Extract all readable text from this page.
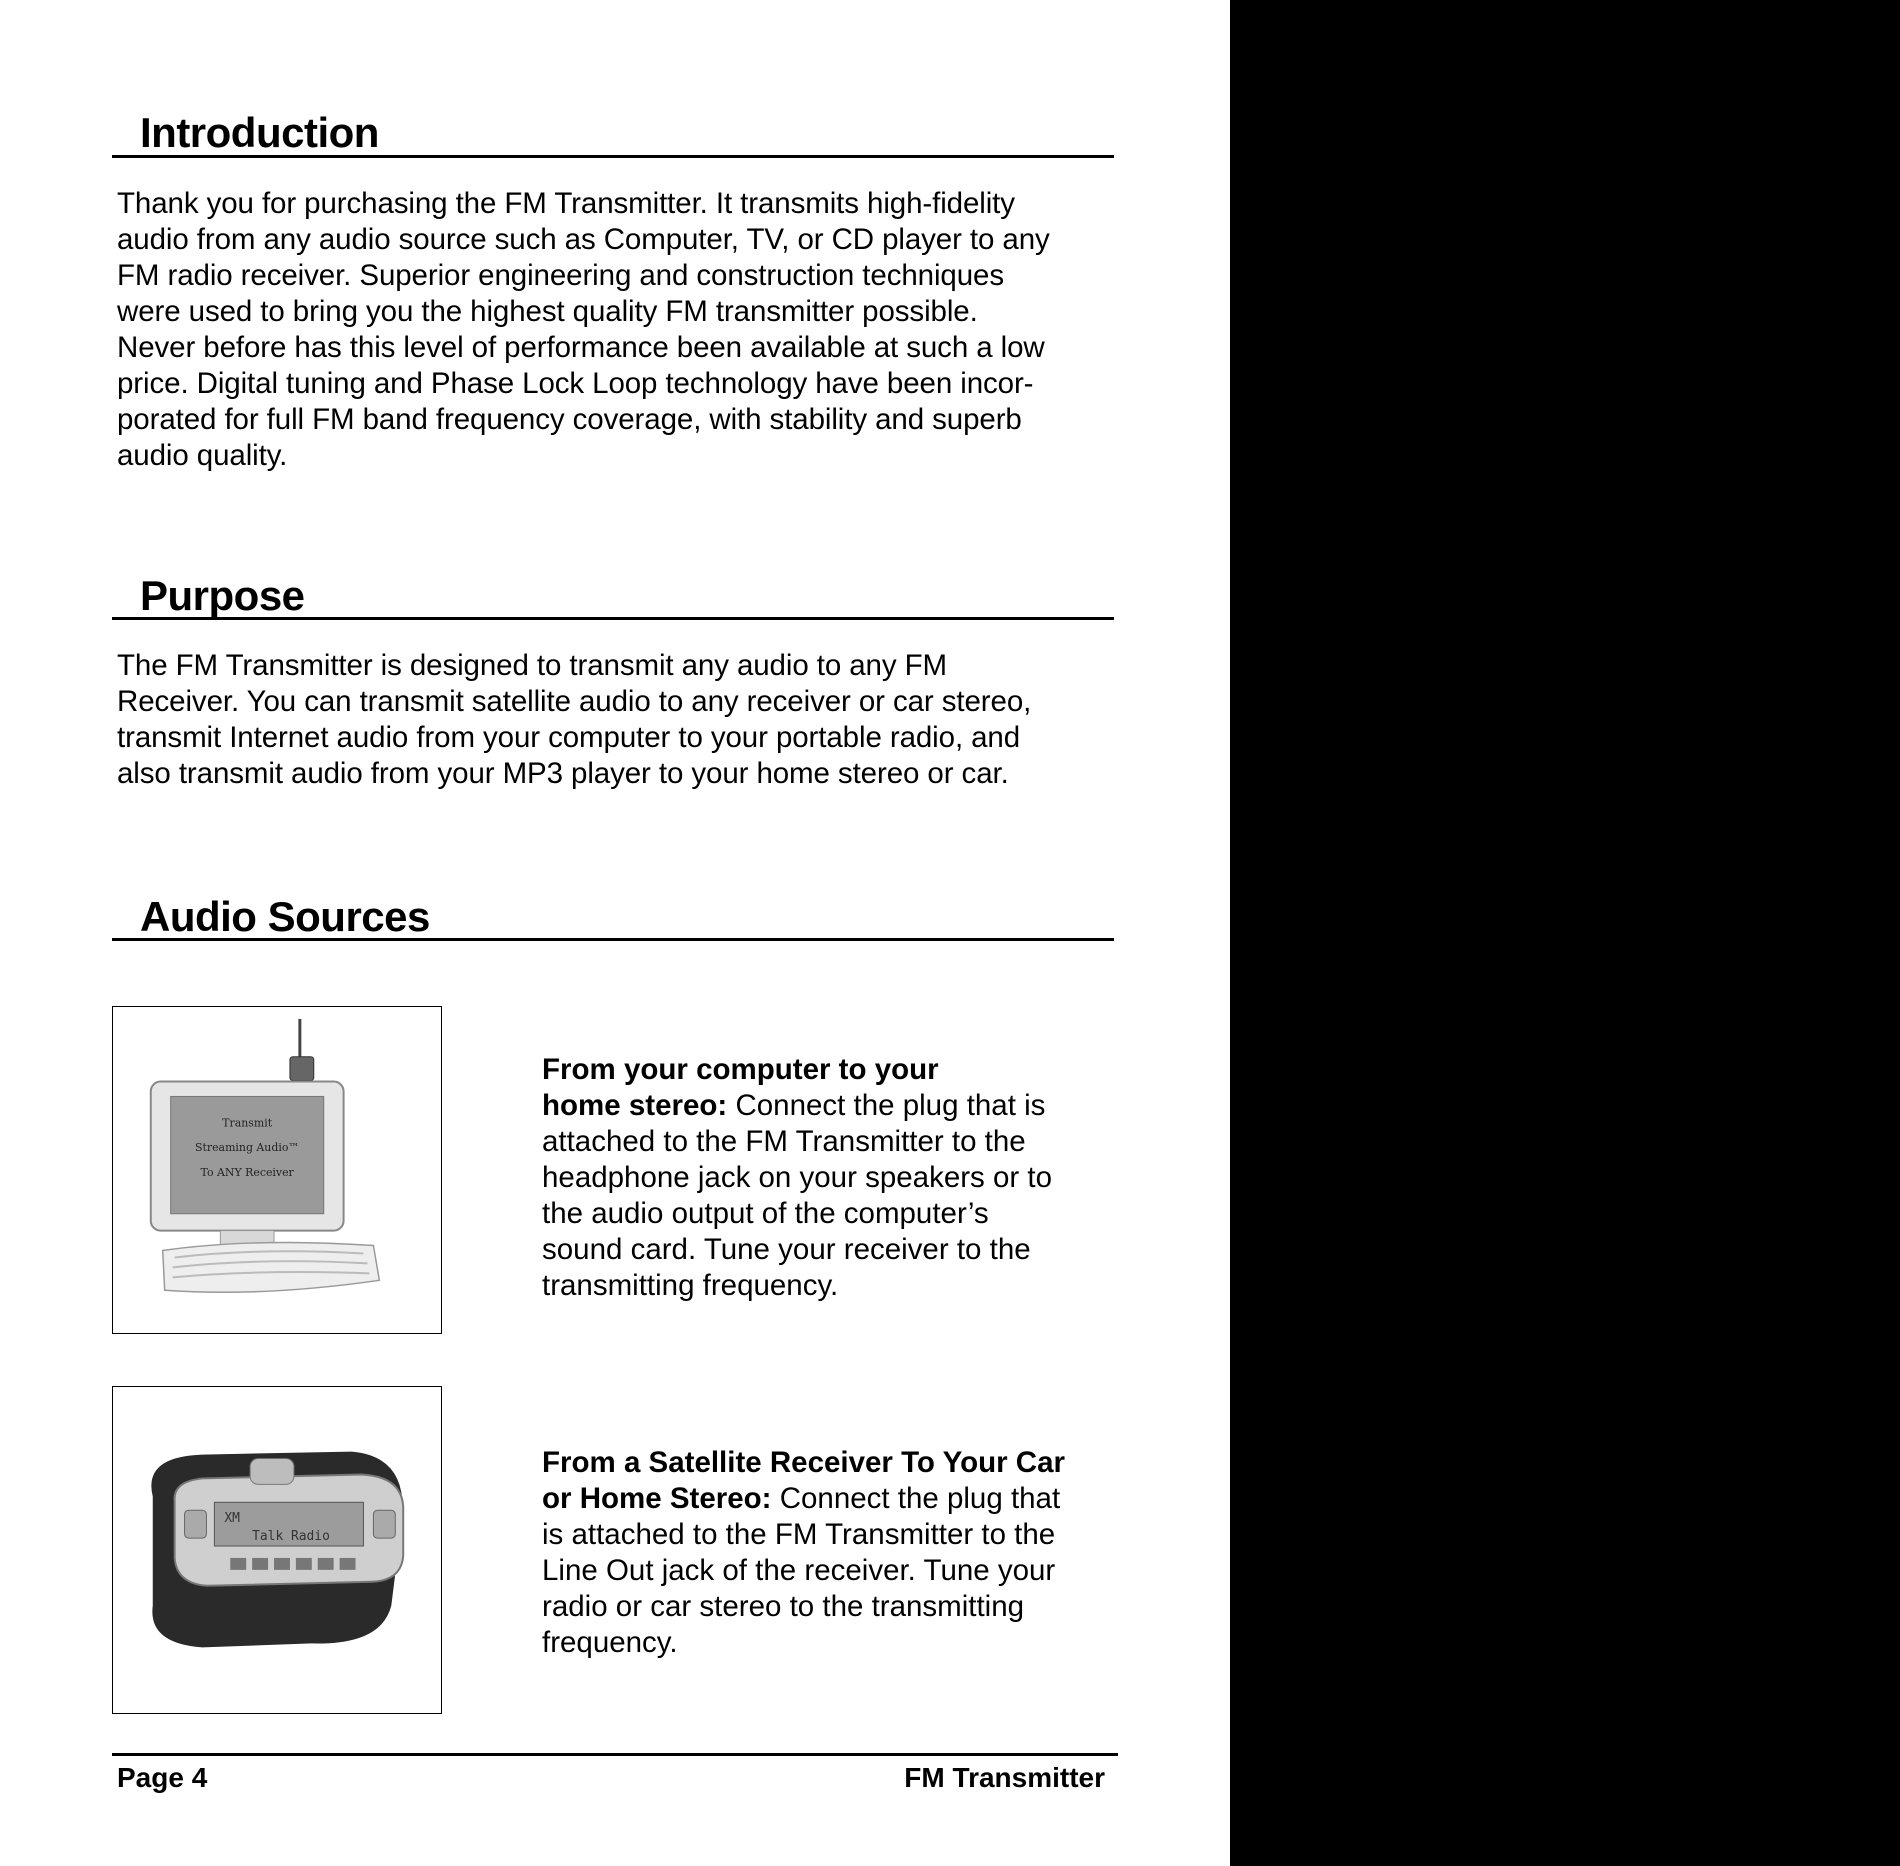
Introduction
Thank you for purchasing the FM Transmitter. It transmits high-fidelity
audio from any audio source such as Computer, TV, or CD player to any
FM radio receiver. Superior engineering and construction techniques
were used to bring you the highest quality FM transmitter possible.
Never before has this level of performance been available at such a low
price. Digital tuning and Phase Lock Loop technology have been incor-
porated for full FM band frequency coverage, with stability and superb
audio quality.
Purpose
The FM Transmitter is designed to transmit any audio to any FM
Receiver. You can transmit satellite audio to any receiver or car stereo,
transmit Internet audio from your computer to your portable radio, and
also transmit audio from your MP3 player to your home stereo or car.
Audio Sources
Transmit
Streaming Audio™
To ANY Receiver
From your computer to your
home stereo: Connect the plug that is
attached to the FM Transmitter to the
headphone jack on your speakers or to
the audio output of the computer’s
sound card. Tune your receiver to the
transmitting frequency.
XM
Talk Radio
From a Satellite Receiver To Your Car
or Home Stereo: Connect the plug that
is attached to the FM Transmitter to the
Line Out jack of the receiver. Tune your
radio or car stereo to the transmitting
frequency.
Page 4	FM Transmitter
